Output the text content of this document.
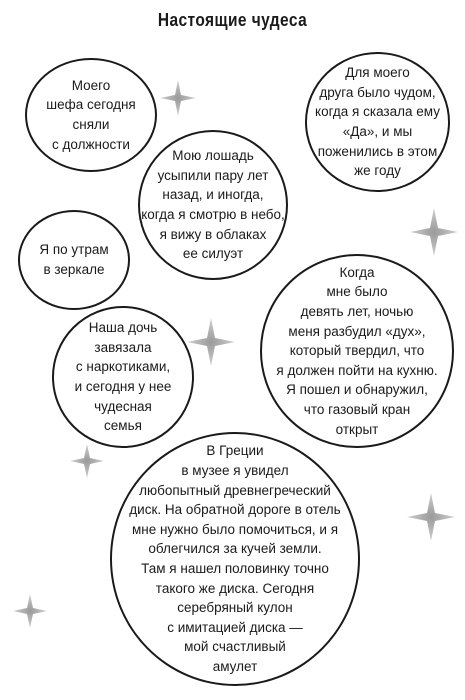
Настоящие чудеса
Моего
шефа сегодня
сняли
с должности
Для моего
друга было чудом,
когда я сказала ему
«Да», и мы
поженились в этом
же году
Мою лошадь
усыпили пару лет
назад, и иногда,
когда я смотрю в небо,
я вижу в облаках
ее силуэт
Я по утрам
в зеркале	Когда
мне было
девять лет, ночью
меня разбудил «дух»,
который твердил, что
я должен пойти на кухню.
Я пошел и обнаружил,
что газовый кран
открыт
Наша дочь
завязала
с наркотиками,
и сегодня у нее
чудесная
семья
В Греции
в музее я увидел
любопытный древнегреческий
диск. На обратной дороге в отель
мне нужно было помочиться, и я
облегчился за кучей земли.
Там я нашел половинку точно
такого же диска. Сегодня
серебряный кулон
с имитацией диска —
мой счастливый
амулет
